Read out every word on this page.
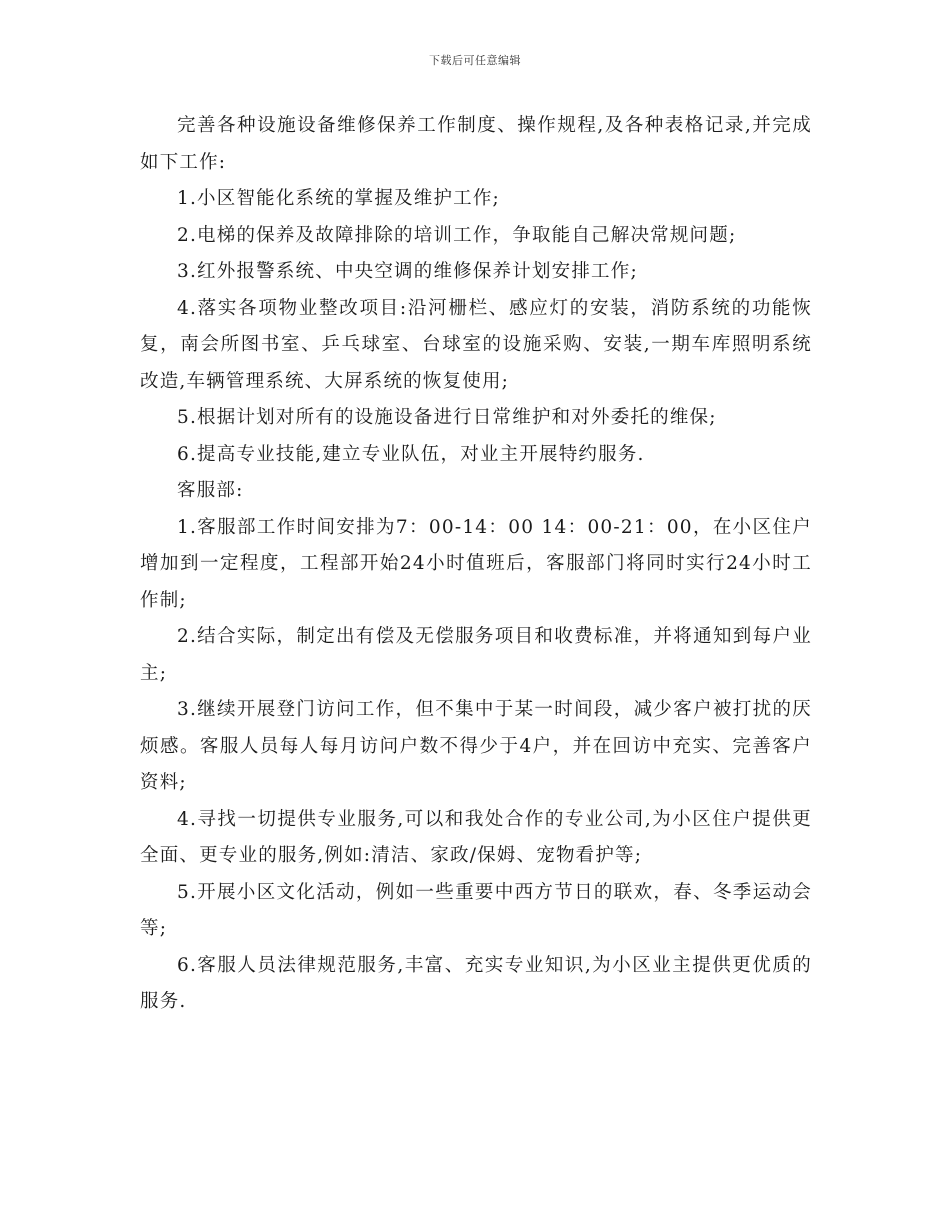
下载后可任意编辑

完善各种设施设备维修保养工作制度、操作规程,及各种表格记录,并完成如下工作:

1.小区智能化系统的掌握及维护工作;

2.电梯的保养及故障排除的培训工作，争取能自己解决常规问题;

3.红外报警系统、中央空调的维修保养计划安排工作;

4.落实各项物业整改项目:沿河栅栏、感应灯的安装，消防系统的功能恢复，南会所图书室、乒乓球室、台球室的设施采购、安装,一期车库照明系统改造,车辆管理系统、大屏系统的恢复使用;

5.根据计划对所有的设施设备进行日常维护和对外委托的维保;

6.提高专业技能,建立专业队伍，对业主开展特约服务.

客服部:

1.客服部工作时间安排为7：00-14：00 14：00-21：00，在小区住户增加到一定程度，工程部开始24小时值班后，客服部门将同时实行24小时工作制;

2.结合实际，制定出有偿及无偿服务项目和收费标准，并将通知到每户业主;

3.继续开展登门访问工作，但不集中于某一时间段，减少客户被打扰的厌烦感。客服人员每人每月访问户数不得少于4户，并在回访中充实、完善客户资料;

4.寻找一切提供专业服务,可以和我处合作的专业公司,为小区住户提供更全面、更专业的服务,例如:清洁、家政/保姆、宠物看护等;

5.开展小区文化活动，例如一些重要中西方节日的联欢，春、冬季运动会等;

6.客服人员法律规范服务,丰富、充实专业知识,为小区业主提供更优质的服务.
